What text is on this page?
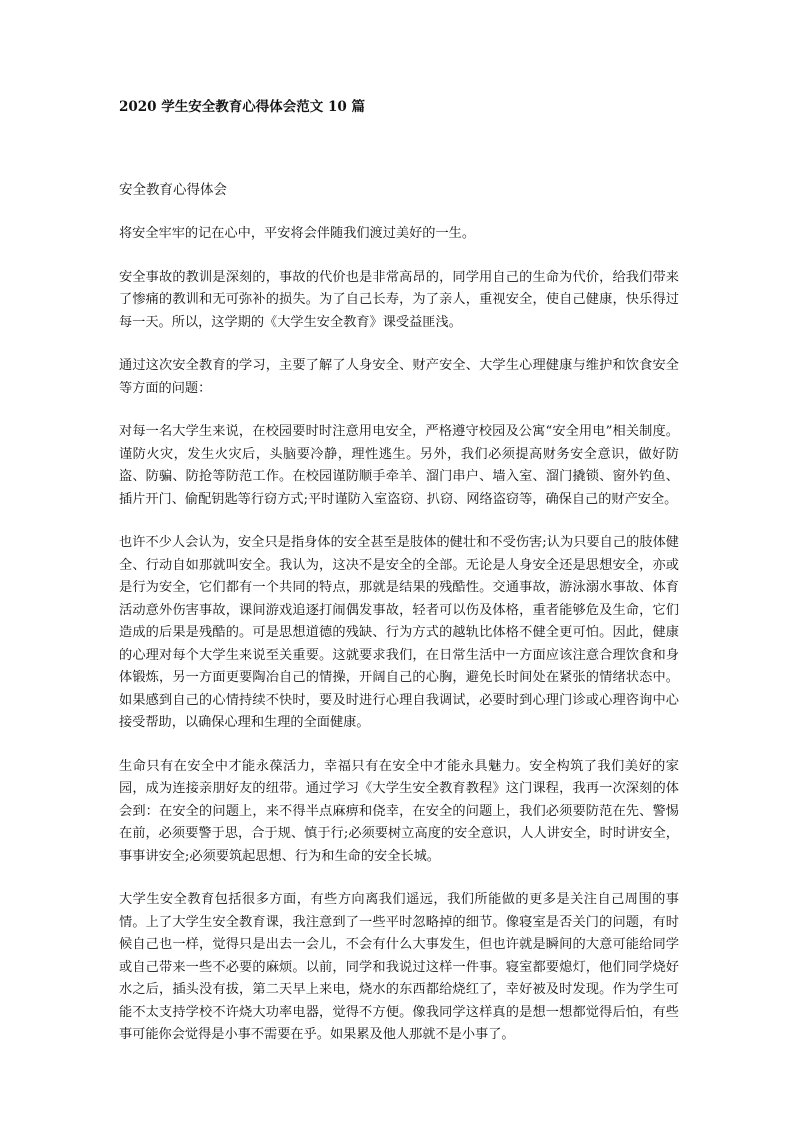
2020 学生安全教育心得体会范文 10 篇
安全教育心得体会

将安全牢牢的记在心中，平安将会伴随我们渡过美好的一生。

安全事故的教训是深刻的，事故的代价也是非常高昂的，同学用自己的生命为代价，给我们带来了惨痛的教训和无可弥补的损失。为了自己长寿，为了亲人，重视安全，使自己健康，快乐得过每一天。所以，这学期的《大学生安全教育》课受益匪浅。

通过这次安全教育的学习，主要了解了人身安全、财产安全、大学生心理健康与维护和饮食安全等方面的问题：

对每一名大学生来说，在校园要时时注意用电安全，严格遵守校园及公寓“安全用电”相关制度。谨防火灾，发生火灾后，头脑要冷静，理性逃生。另外，我们必须提高财务安全意识，做好防盗、防骗、防抢等防范工作。在校园谨防顺手牵羊、溜门串户、墙入室、溜门撬锁、窗外钓鱼、插片开门、偷配钥匙等行窃方式;平时谨防入室盗窃、扒窃、网络盗窃等，确保自己的财产安全。

也许不少人会认为，安全只是指身体的安全甚至是肢体的健壮和不受伤害;认为只要自己的肢体健全、行动自如那就叫安全。我认为，这决不是安全的全部。无论是人身安全还是思想安全，亦或是行为安全，它们都有一个共同的特点，那就是结果的残酷性。交通事故，游泳溺水事故、体育活动意外伤害事故，课间游戏追逐打闹偶发事故，轻者可以伤及体格，重者能够危及生命，它们造成的后果是残酷的。可是思想道德的残缺、行为方式的越轨比体格不健全更可怕。因此，健康的心理对每个大学生来说至关重要。这就要求我们，在日常生活中一方面应该注意合理饮食和身体锻炼，另一方面更要陶冶自己的情操，开阔自己的心胸，避免长时间处在紧张的情绪状态中。如果感到自己的心情持续不快时，要及时进行心理自我调试，必要时到心理门诊或心理咨询中心接受帮助，以确保心理和生理的全面健康。

生命只有在安全中才能永葆活力，幸福只有在安全中才能永具魅力。安全构筑了我们美好的家园，成为连接亲朋好友的纽带。通过学习《大学生安全教育教程》这门课程，我再一次深刻的体会到：在安全的问题上，来不得半点麻痹和侥幸，在安全的问题上，我们必须要防范在先、警惕在前，必须要警于思，合于规、慎于行;必须要树立高度的安全意识，人人讲安全，时时讲安全，事事讲安全;必须要筑起思想、行为和生命的安全长城。

大学生安全教育包括很多方面，有些方向离我们遥远，我们所能做的更多是关注自己周围的事情。上了大学生安全教育课，我注意到了一些平时忽略掉的细节。像寝室是否关门的问题，有时候自己也一样，觉得只是出去一会儿，不会有什么大事发生，但也许就是瞬间的大意可能给同学或自己带来一些不必要的麻烦。以前，同学和我说过这样一件事。寝室都要熄灯，他们同学烧好水之后，插头没有拔，第二天早上来电，烧水的东西都给烧红了，幸好被及时发现。作为学生可能不太支持学校不许烧大功率电器，觉得不方便。像我同学这样真的是想一想都觉得后怕，有些事可能你会觉得是小事不需要在乎。如果累及他人那就不是小事了。
